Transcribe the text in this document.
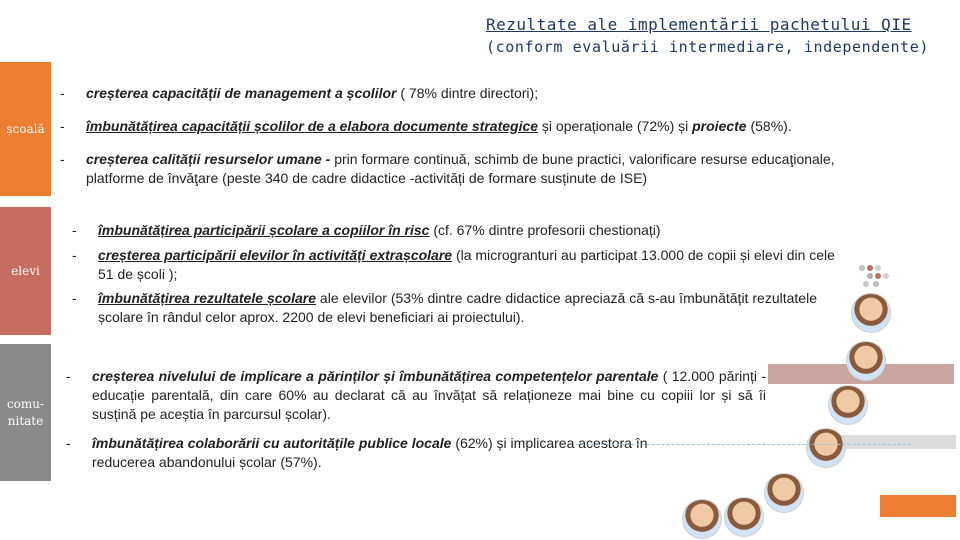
Rezultate ale implementării pachetului QIE
(conform evaluării intermediare, independente)
școală
elevi
comu-
nitate
- creșterea capacității de management a școlilor ( 78% dintre directori);
- îmbunătățirea capacității școlilor de a elabora documente strategice și operaționale (72%) și proiecte (58%).
- creșterea calității resurselor umane - prin formare continuă, schimb de bune practici, valorificare resurse educaţionale, platforme de învăţare (peste 340 de cadre didactice -activități de formare susținute de ISE)
- îmbunătățirea participării școlare a copiilor în risc (cf. 67% dintre profesorii chestionați)
- creșterea participării elevilor în activități extrașcolare (la microgranturi au participat 13.000 de copii și elevi din cele 51 de școli );
- îmbunătățirea rezultatele școlare ale elevilor (53% dintre cadre didactice apreciază că s-au îmbunătățit rezultatele școlare în rândul celor aprox. 2200 de elevi beneficiari ai proiectului).
- creșterea nivelului de implicare a părinților și îmbunătățirea competențelor parentale ( 12.000 părinți - educație parentală, din care 60% au declarat că au învățat să relaționeze mai bine cu copiii lor și să îi susțină pe aceștia în parcursul școlar).
- îmbunătățirea colaborării cu autoritățile publice locale (62%) și implicarea acestora în reducerea abandonului școlar (57%).
